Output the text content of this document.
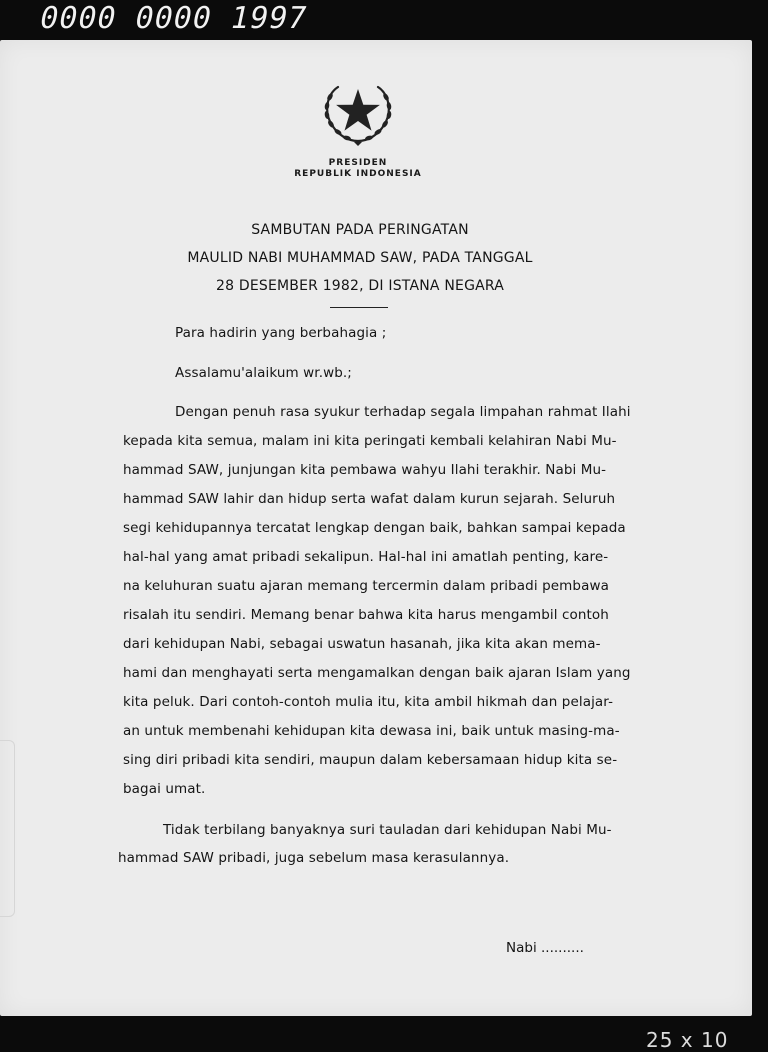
0000 0000 1997
PRESIDEN
REPUBLIK INDONESIA
SAMBUTAN PADA PERINGATAN
MAULID NABI MUHAMMAD SAW, PADA TANGGAL
28 DESEMBER 1982, DI ISTANA NEGARA
Para hadirin yang berbahagia ;
Assalamu'alaikum wr.wb.;
Dengan penuh rasa syukur terhadap segala limpahan rahmat Ilahi
kepada kita semua, malam ini kita peringati kembali kelahiran Nabi Mu-
hammad SAW, junjungan kita pembawa wahyu Ilahi terakhir. Nabi Mu-
hammad SAW lahir dan hidup serta wafat dalam kurun sejarah. Seluruh
segi kehidupannya tercatat lengkap dengan baik, bahkan sampai kepada
hal-hal yang amat pribadi sekalipun. Hal-hal ini amatlah penting, kare-
na keluhuran suatu ajaran memang tercermin dalam pribadi pembawa
risalah itu sendiri. Memang benar bahwa kita harus mengambil contoh
dari kehidupan Nabi, sebagai uswatun hasanah, jika kita akan mema-
hami dan menghayati serta mengamalkan dengan baik ajaran Islam yang
kita peluk. Dari contoh-contoh mulia itu, kita ambil hikmah dan pelajar-
an untuk membenahi kehidupan kita dewasa ini, baik untuk masing-ma-
sing diri pribadi kita sendiri, maupun dalam kebersamaan hidup kita se-
bagai umat.
Tidak terbilang banyaknya suri tauladan dari kehidupan Nabi Mu-
hammad SAW pribadi, juga sebelum masa kerasulannya.
Nabi ..........
25 x 10
